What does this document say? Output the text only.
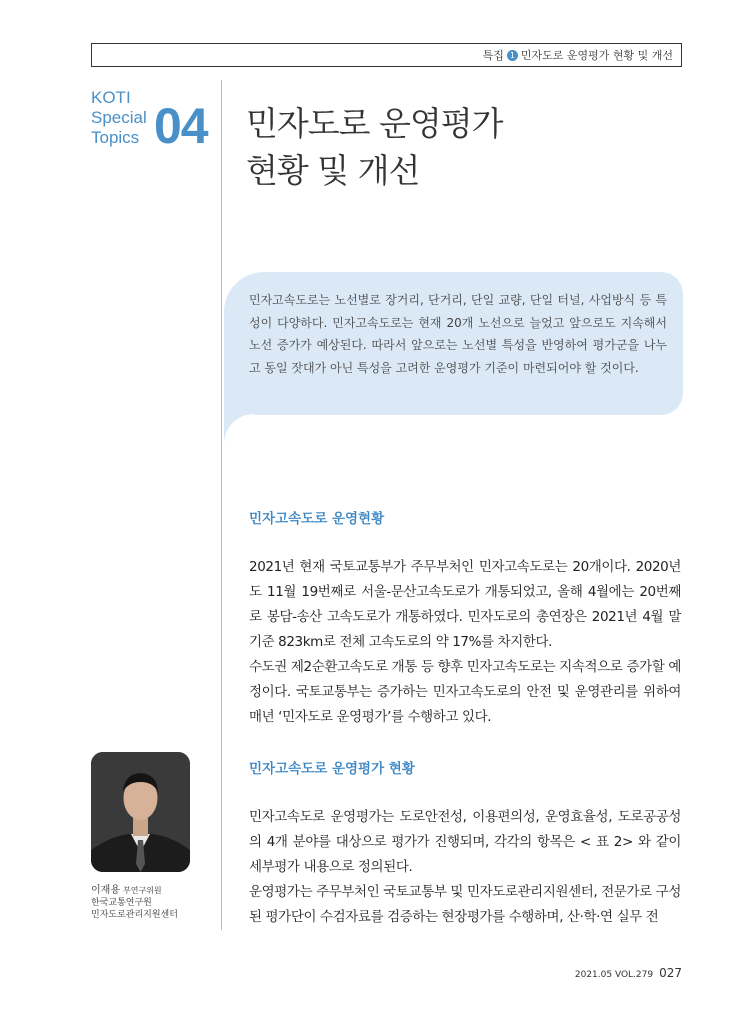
특집 1 민자도로 운영평가 현황 및 개선
KOTI
Special
Topics 04 민자도로 운영평가
현황 및 개선

민자고속도로는 노선별로 장거리, 단거리, 단일 교량, 단일 터널, 사업방식 등 특성이 다양하다. 민자고속도로는 현재 20개 노선으로 늘었고 앞으로도 지속해서 노선 증가가 예상된다. 따라서 앞으로는 노선별 특성을 반영하여 평가군을 나누고 동일 잣대가 아닌 특성을 고려한 운영평가 기준이 마련되어야 할 것이다.

민자고속도로 운영현황

2021년 현재 국토교통부가 주무부처인 민자고속도로는 20개이다. 2020년도 11월 19번째로 서울-문산고속도로가 개통되었고, 올해 4월에는 20번째로 봉담-송산 고속도로가 개통하였다. 민자도로의 총연장은 2021년 4월 말 기준 823km로 전체 고속도로의 약 17%를 차지한다.

수도권 제2순환고속도로 개통 등 향후 민자고속도로는 지속적으로 증가할 예정이다. 국토교통부는 증가하는 민자고속도로의 안전 및 운영관리를 위하여 매년 ‘민자도로 운영평가’를 수행하고 있다.

민자고속도로 운영평가 현황

민자고속도로 운영평가는 도로안전성, 이용편의성, 운영효율성, 도로공공성의 4개 분야를 대상으로 평가가 진행되며, 각각의 항목은 < 표 2> 와 같이 세부평가 내용으로 정의된다.

운영평가는 주무부처인 국토교통부 및 민자도로관리지원센터, 전문가로 구성된 평가단이 수검자료를 검증하는 현장평가를 수행하며, 산·학·연 실무 전

이재용 부연구위원
한국교통연구원
민자도로관리지원센터
2021.05 VOL.279 027
